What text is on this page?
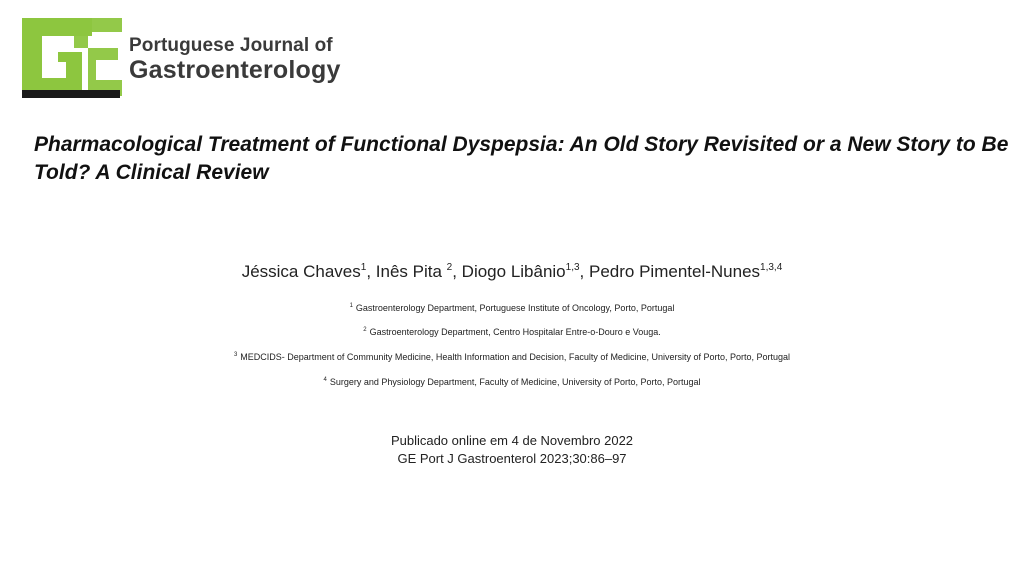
Portuguese Journal of
Gastroenterology
Pharmacological Treatment of Functional Dyspepsia: An Old Story Revisited or a New Story to Be Told? A Clinical Review

Jéssica Chaves$^1$, Inês Pita $^2$, Diogo Libânio$^{1,3}$, Pedro Pimentel-Nunes$^{1,3,4}$

$^1$ Gastroenterology Department, Portuguese Institute of Oncology, Porto, Portugal

$^2$ Gastroenterology Department, Centro Hospitalar Entre-o-Douro e Vouga.

$^3$ MEDCIDS- Department of Community Medicine, Health Information and Decision, Faculty of Medicine, University of Porto, Porto, Portugal

$^4$ Surgery and Physiology Department, Faculty of Medicine, University of Porto, Porto, Portugal

Publicado online em 4 de Novembro 2022

GE Port J Gastroenterol 2023;30:86–97
